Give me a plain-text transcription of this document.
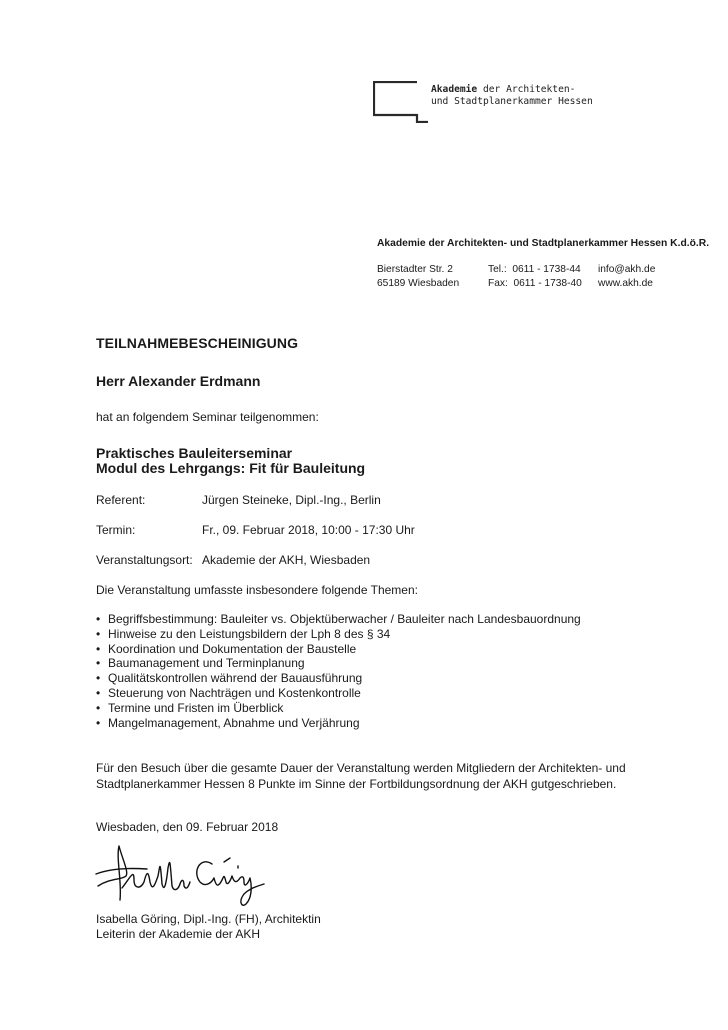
Akademie der Architekten-
und Stadtplanerkammer Hessen
Akademie der Architekten- und Stadtplanerkammer Hessen K.d.ö.R.
Bierstadter Str. 2
65189 Wiesbaden
Tel.:  0611 - 1738-44
Fax:  0611 - 1738-40
info@akh.de
www.akh.de
TEILNAHMEBESCHEINIGUNG
Herr Alexander Erdmann
hat an folgendem Seminar teilgenommen:
Praktisches Bauleiterseminar
Modul des Lehrgangs: Fit für Bauleitung
Referent:	Jürgen Steineke, Dipl.-Ing., Berlin
Termin:	Fr., 09. Februar 2018, 10:00 - 17:30 Uhr
Veranstaltungsort: Akademie der AKH, Wiesbaden
Die Veranstaltung umfasste insbesondere folgende Themen:
• Begriffsbestimmung: Bauleiter vs. Objektüberwacher / Bauleiter nach Landesbauordnung
• Hinweise zu den Leistungsbildern der Lph 8 des § 34
• Koordination und Dokumentation der Baustelle
• Baumanagement und Terminplanung
• Qualitätskontrollen während der Bauausführung
• Steuerung von Nachträgen und Kostenkontrolle
• Termine und Fristen im Überblick
• Mangelmanagement, Abnahme und Verjährung
Für den Besuch über die gesamte Dauer der Veranstaltung werden Mitgliedern der Architekten- und Stadtplanerkammer Hessen 8 Punkte im Sinne der Fortbildungsordnung der AKH gutgeschrieben.
Wiesbaden, den 09. Februar 2018
Isabella Göring, Dipl.-Ing. (FH), Architektin
Leiterin der Akademie der AKH
